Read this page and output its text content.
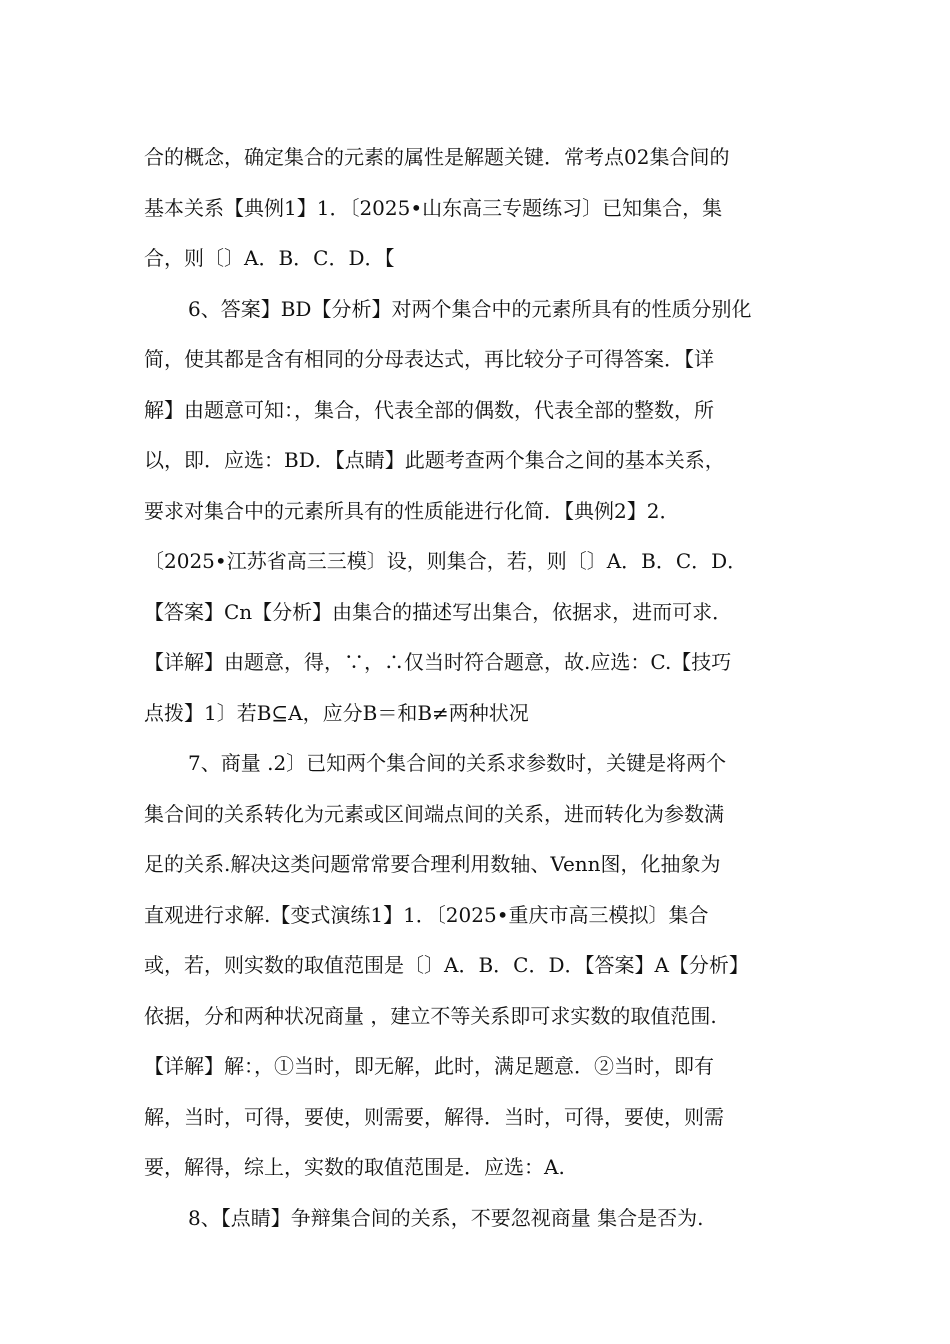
合的概念，确定集合的元素的属性是解题关键．常考点02集合间的
基本关系【典例1】1．〔2025•山东高三专题练习〕已知集合，集
合，则〔〕A．B．C．D．【
6、答案】BD【分析】对两个集合中的元素所具有的性质分别化
简，使其都是含有相同的分母表达式，再比较分子可得答案．【详
解】由题意可知：，集合，代表全部的偶数，代表全部的整数，所
以，即．应选：BD．【点睛】此题考查两个集合之间的基本关系，
要求对集合中的元素所具有的性质能进行化简．【典例2】2．
〔2025•江苏省高三三模〕设，则集合，若，则〔〕A．B．C．D．
【答案】Cn【分析】由集合的描述写出集合，依据求，进而可求．
【详解】由题意，得，∵，∴仅当时符合题意，故.应选：C.【技巧
点拨】1〕若B⊆A，应分B＝和B≠两种状况
7、商量 .2〕已知两个集合间的关系求参数时，关键是将两个
集合间的关系转化为元素或区间端点间的关系，进而转化为参数满
足的关系.解决这类问题常常要合理利用数轴、Venn图，化抽象为
直观进行求解.【变式演练1】1．〔2025•重庆市高三模拟〕集合
或，若，则实数的取值范围是〔〕A．B．C．D．【答案】A【分析】
依据，分和两种状况商量 ，建立不等关系即可求实数的取值范围.
【详解】解：，①当时，即无解，此时，满足题意．②当时，即有
解，当时，可得，要使，则需要，解得．当时，可得，要使，则需
要，解得，综上，实数的取值范围是．应选：A.
8、【点睛】争辩集合间的关系，不要忽视商量 集合是否为.
